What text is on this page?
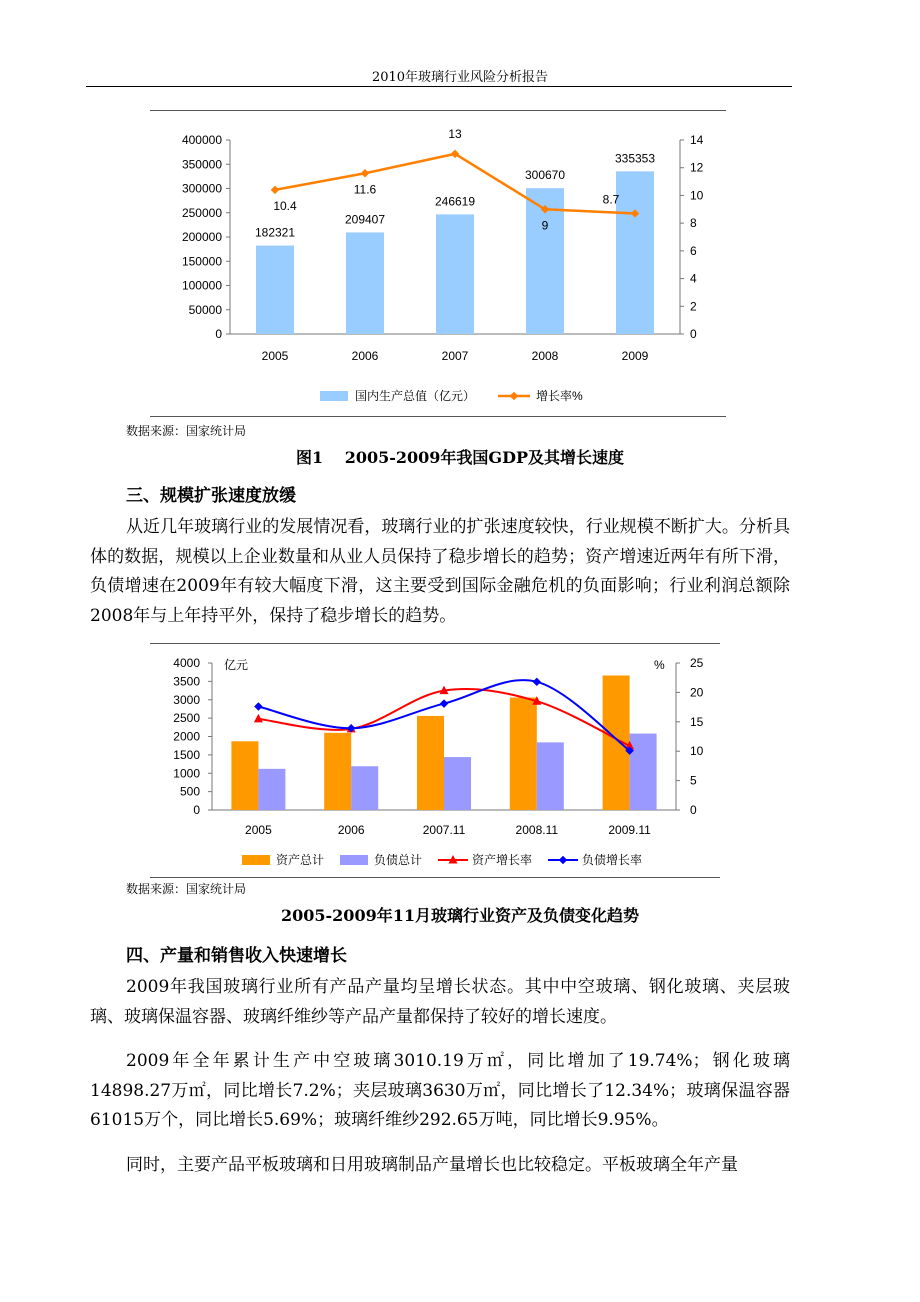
2010年玻璃行业风险分析报告
0
50000
100000
150000
200000
250000
300000
350000
400000
0
2
4
6
8
10
12
14
182321
2005
209407
2006
246619
2007
300670
2008
335353
2009
10.4
11.6
13
9
8.7
国内生产总值（亿元）	增长率%
数据来源：国家统计局
图1　 2005-2009年我国GDP及其增长速度
三、规模扩张速度放缓
从近几年玻璃行业的发展情况看，玻璃行业的扩张速度较快，行业规模不断扩大。分析具体的数据，规模以上企业数量和从业人员保持了稳步增长的趋势；资产增速近两年有所下滑，负债增速在2009年有较大幅度下滑，这主要受到国际金融危机的负面影响；行业利润总额除2008年与上年持平外，保持了稳步增长的趋势。
0
500
1000
1500
2000
2500
3000
3500
4000
0
5
10
15
20
25
亿元	%
2005	2006	2007.11	2008.11	2009.11
资产总计	负债总计	资产增长率	负债增长率
数据来源：国家统计局
2005-2009年11月玻璃行业资产及负债变化趋势
四、产量和销售收入快速增长
2009年我国玻璃行业所有产品产量均呈增长状态。其中中空玻璃、钢化玻璃、夹层玻璃、玻璃保温容器、玻璃纤维纱等产品产量都保持了较好的增长速度。
2009年全年累计生产中空玻璃3010.19万㎡，同比增加了19.74%；钢化玻璃14898.27万㎡，同比增长7.2%；夹层玻璃3630万㎡，同比增长了12.34%；玻璃保温容器61015万个，同比增长5.69%；玻璃纤维纱292.65万吨，同比增长9.95%。
同时，主要产品平板玻璃和日用玻璃制品产量增长也比较稳定。平板玻璃全年产量
